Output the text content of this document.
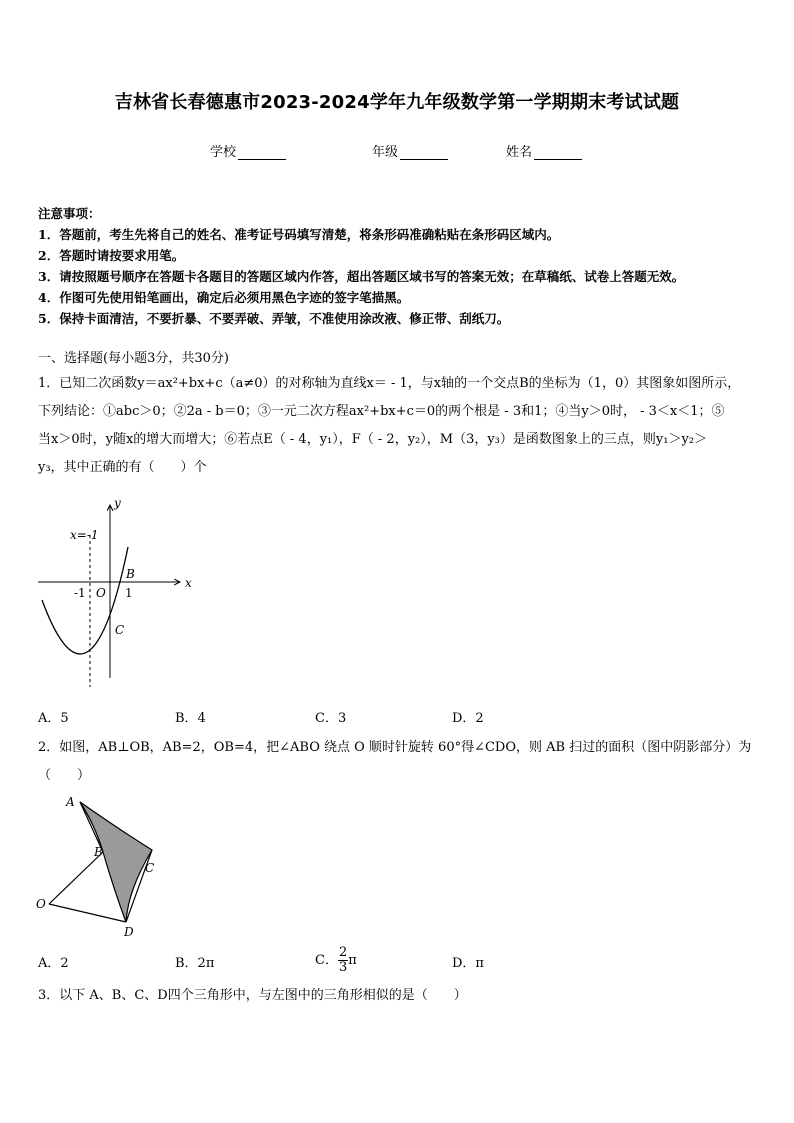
吉林省长春德惠市2023-2024学年九年级数学第一学期期末考试试题
学校	年级	姓名
注意事项：
1．答题前，考生先将自己的姓名、准考证号码填写清楚，将条形码准确粘贴在条形码区域内。
2．答题时请按要求用笔。
3．请按照题号顺序在答题卡各题目的答题区域内作答，超出答题区域书写的答案无效；在草稿纸、试卷上答题无效。
4．作图可先使用铅笔画出，确定后必须用黑色字迹的签字笔描黑。
5．保持卡面清洁，不要折暴、不要弄破、弄皱，不准使用涂改液、修正带、刮纸刀。
一、选择题(每小题3分，共30分)
1．已知二次函数y＝ax²+bx+c（a≠0）的对称轴为直线x＝ - 1，与x轴的一个交点B的坐标为（1，0）其图象如图所示，
下列结论：①abc＞0；②2a - b＝0；③一元二次方程ax²+bx+c＝0的两个根是 - 3和1；④当y＞0时， - 3＜x＜1；⑤
当x＞0时，y随x的增大而增大；⑥若点E（ - 4，y₁），F（ - 2，y₂），M（3，y₃）是函数图象上的三点，则y₁＞y₂＞
y₃，其中正确的有（　　）个
x=-1
y
x
O
-1	1
B
C
A．5	B．4	C．3	D．2
2．如图，AB⊥OB，AB=2，OB=4，把∠ABO 绕点 O 顺时针旋转 60°得∠CDO，则 AB 扫过的面积（图中阴影部分）为
（　　）
A
B
C
O
D
A．2	B．2π	C． $\frac{2}{3}$ π	D．π
3．以下 A、B、C、D四个三角形中，与左图中的三角形相似的是（　　）
